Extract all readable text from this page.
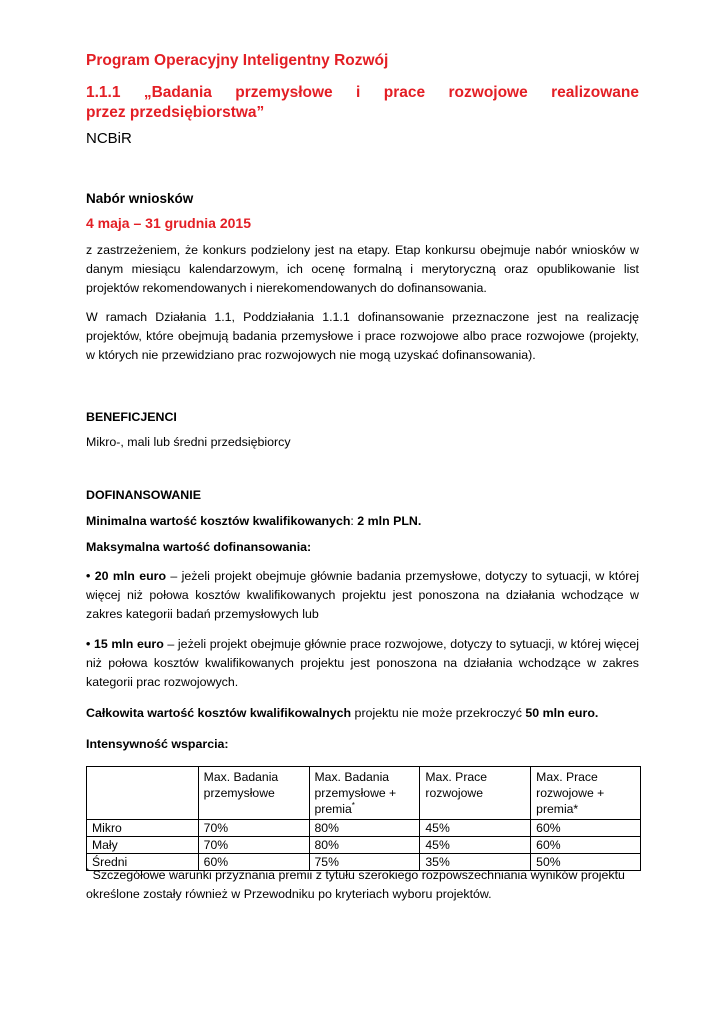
Program Operacyjny Inteligentny Rozwój
1.1.1 „Badania przemysłowe i prace rozwojowe realizowane
przez przedsiębiorstwa”
NCBiR
Nabór wniosków
4 maja – 31 grudnia 2015
z zastrzeżeniem, że konkurs podzielony jest na etapy. Etap konkursu obejmuje nabór wniosków w danym miesiącu kalendarzowym, ich ocenę formalną i merytoryczną oraz opublikowanie list projektów rekomendowanych i nierekomendowanych do dofinansowania.
W ramach Działania 1.1, Poddziałania 1.1.1 dofinansowanie przeznaczone jest na realizację projektów, które obejmują badania przemysłowe i prace rozwojowe albo prace rozwojowe (projekty, w których nie przewidziano prac rozwojowych nie mogą uzyskać dofinansowania).
BENEFICJENCI
Mikro-, mali lub średni przedsiębiorcy
DOFINANSOWANIE
Minimalna wartość kosztów kwalifikowanych: 2 mln PLN.
Maksymalna wartość dofinansowania:
• 20 mln euro – jeżeli projekt obejmuje głównie badania przemysłowe, dotyczy to sytuacji, w której więcej niż połowa kosztów kwalifikowanych projektu jest ponoszona na działania wchodzące w zakres kategorii badań przemysłowych lub
• 15 mln euro – jeżeli projekt obejmuje głównie prace rozwojowe, dotyczy to sytuacji, w której więcej niż połowa kosztów kwalifikowanych projektu jest ponoszona na działania wchodzące w zakres kategorii prac rozwojowych.
Całkowita wartość kosztów kwalifikowalnych projektu nie może przekroczyć 50 mln euro.
Intensywność wsparcia:
	Max. Badania przemysłowe	Max. Badania przemysłowe + premia*	Max. Prace rozwojowe	Max. Prace rozwojowe + premia*
Mikro	70%	80%	45%	60%
Mały	70%	80%	45%	60%
Średni	60%	75%	35%	50%
* Szczegółowe warunki przyznania premii z tytułu szerokiego rozpowszechniania wyników projektu określone zostały również w Przewodniku po kryteriach wyboru projektów.
